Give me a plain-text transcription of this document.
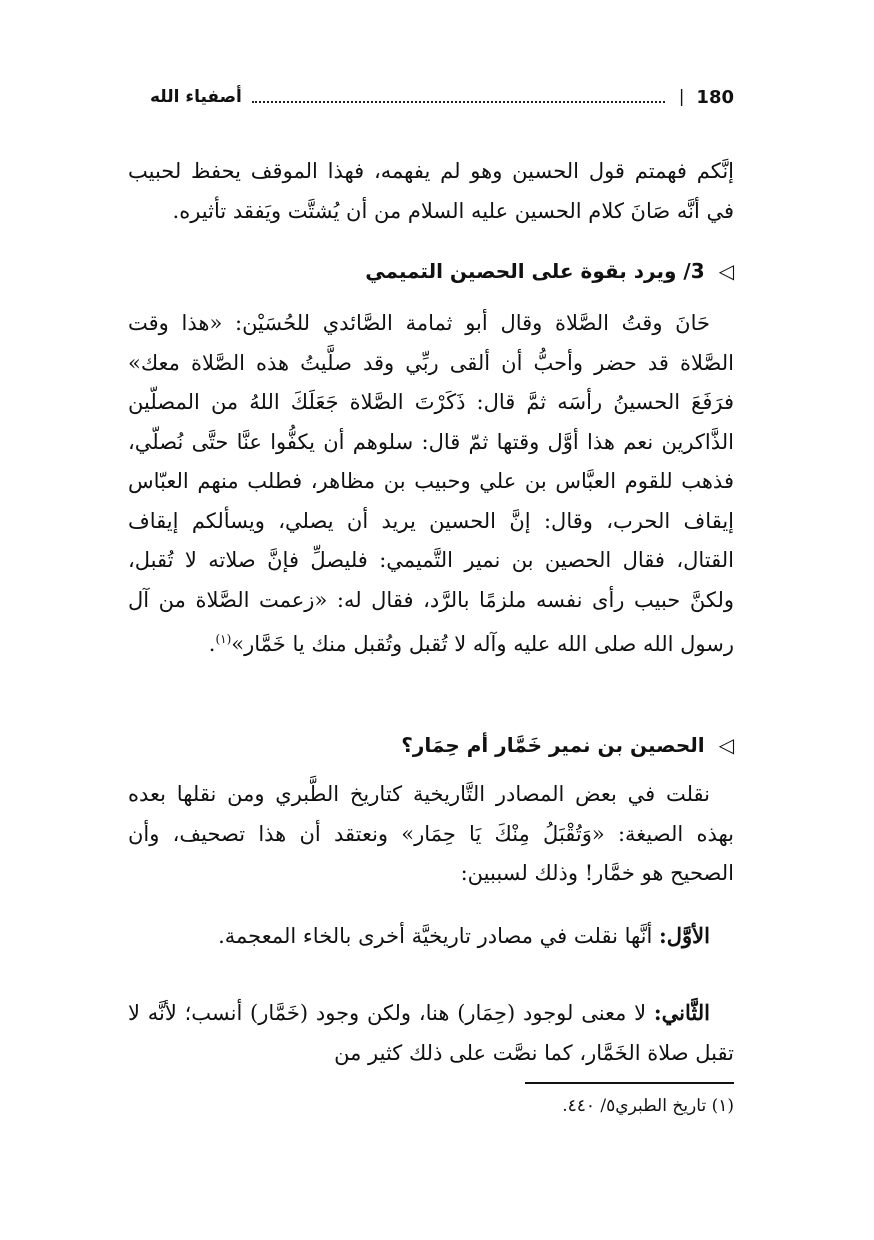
أصفياء الله	| 180

إنَّكم فهمتم قول الحسين وهو لم يفهمه، فهذا الموقف يحفظ لحبيب في أنَّه صَانَ كلام الحسين عليه السلام من أن يُشتَّت ويَفقد تأثيره.

◁
3/ ويرد بقوة على الحصين التميمي

حَانَ وقتُ الصَّلاة وقال أبو ثمامة الصَّائدي للحُسَيْن: «هذا وقت الصَّلاة قد حضر وأحبُّ أن ألقى ربِّي وقد صلَّيتُ هذه الصَّلاة معك» فرَفَعَ الحسينُ رأسَه ثمَّ قال: ذَكَرْتَ الصَّلاة جَعَلَكَ اللهُ من المصلّين الذَّاكرين نعم هذا أوَّل وقتها ثمّ قال: سلوهم أن يكفُّوا عنَّا حتَّى نُصلّي، فذهب للقوم العبَّاس بن علي وحبيب بن مظاهر، فطلب منهم العبّاس إيقاف الحرب، وقال: إنَّ الحسين يريد أن يصلي، ويسألكم إيقاف القتال، فقال الحصين بن نمير التَّميمي: فليصلِّ فإنَّ صلاته لا تُقبل، ولكنَّ حبيب رأى نفسه ملزمًا بالرَّد، فقال له: «زعمت الصَّلاة من آل رسول الله صلى الله عليه وآله لا تُقبل وتُقبل منك يا خَمَّار»$^{(١)}$.

◁
الحصين بن نمير خَمَّار أم حِمَار؟

نقلت في بعض المصادر التَّاريخية كتاريخ الطَّبري ومن نقلها بعده بهذه الصيغة: «وَتُقْبَلُ مِنْكَ يَا حِمَار» ونعتقد أن هذا تصحيف، وأن الصحيح هو خمَّار! وذلك لسببين:

الأوَّل: أنَّها نقلت في مصادر تاريخيَّة أخرى بالخاء المعجمة.

الثَّاني: لا معنى لوجود (حِمَار) هنا، ولكن وجود (خَمَّار) أنسب؛ لأنَّه لا تقبل صلاة الخَمَّار، كما نصَّت على ذلك كثير من

(١) تاريخ الطبري٥/ ٤٤٠.
